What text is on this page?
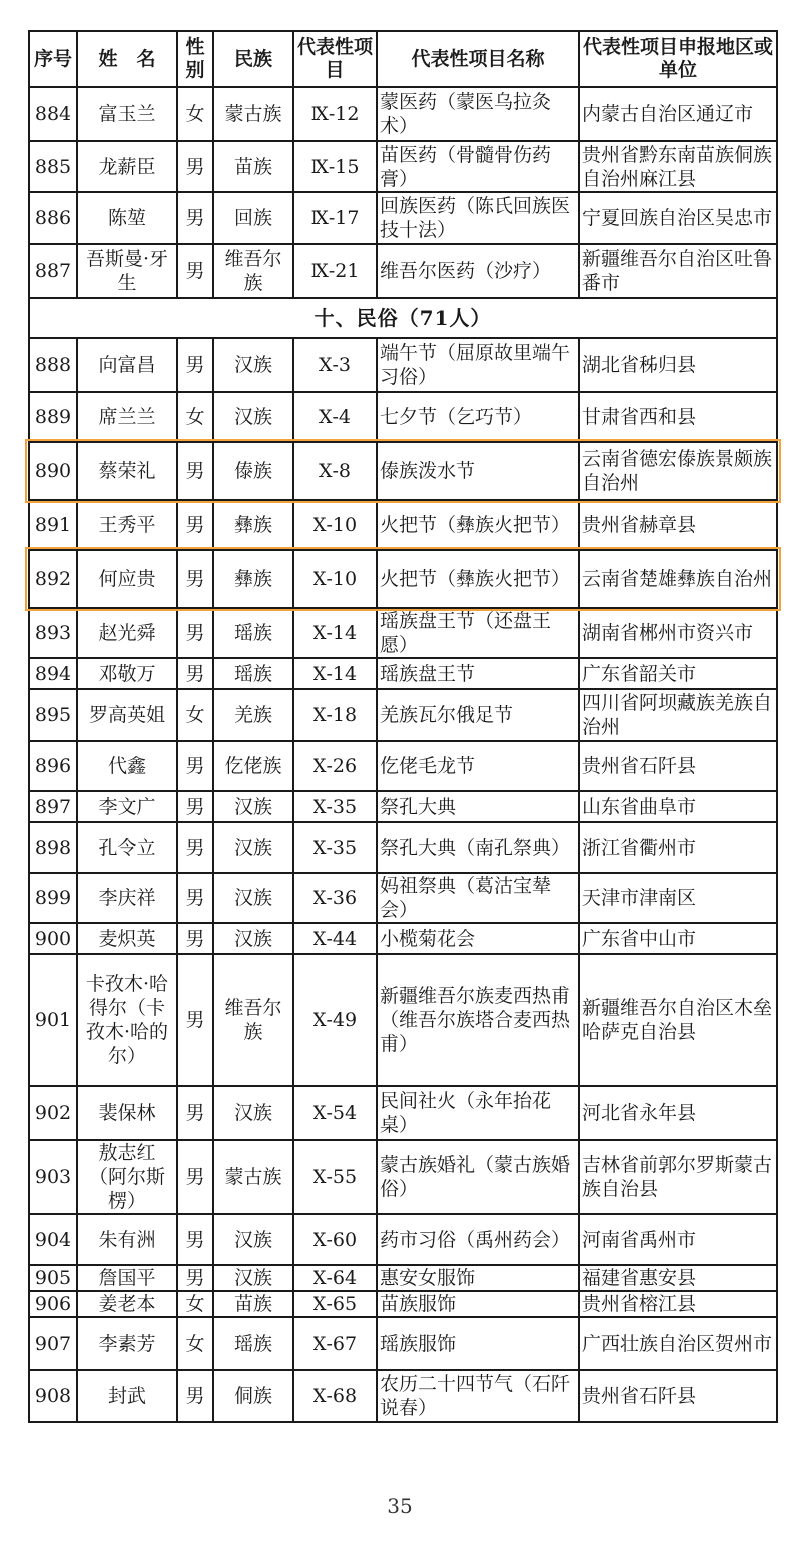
序号	姓　名	性别	民族	代表性项目	代表性项目名称	代表性项目申报地区或单位
884	富玉兰	女	蒙古族	Ⅸ-12	蒙医药（蒙医乌拉灸术）	内蒙古自治区通辽市
885	龙薪臣	男	苗族	Ⅸ-15	苗医药（骨髓骨伤药膏）	贵州省黔东南苗族侗族自治州麻江县
886	陈堃	男	回族	Ⅸ-17	回族医药（陈氏回族医技十法）	宁夏回族自治区吴忠市
887	吾斯曼·牙生	男	维吾尔族	Ⅸ-21	维吾尔医药（沙疗）	新疆维吾尔自治区吐鲁番市
十、民俗（71人）						
888	向富昌	男	汉族	Ⅹ-3	端午节（屈原故里端午习俗）	湖北省秭归县
889	席兰兰	女	汉族	Ⅹ-4	七夕节（乞巧节）	甘肃省西和县
890	蔡荣礼	男	傣族	Ⅹ-8	傣族泼水节	云南省德宏傣族景颇族自治州
891	王秀平	男	彝族	Ⅹ-10	火把节（彝族火把节）	贵州省赫章县
892	何应贵	男	彝族	Ⅹ-10	火把节（彝族火把节）	云南省楚雄彝族自治州
893	赵光舜	男	瑶族	Ⅹ-14	瑶族盘王节（还盘王愿）	湖南省郴州市资兴市
894	邓敬万	男	瑶族	Ⅹ-14	瑶族盘王节	广东省韶关市
895	罗高英姐	女	羌族	Ⅹ-18	羌族瓦尔俄足节	四川省阿坝藏族羌族自治州
896	代鑫	男	仡佬族	Ⅹ-26	仡佬毛龙节	贵州省石阡县
897	李文广	男	汉族	Ⅹ-35	祭孔大典	山东省曲阜市
898	孔令立	男	汉族	Ⅹ-35	祭孔大典（南孔祭典）	浙江省衢州市
899	李庆祥	男	汉族	Ⅹ-36	妈祖祭典（葛沽宝辇会）	天津市津南区
900	麦炽英	男	汉族	Ⅹ-44	小榄菊花会	广东省中山市
901	卡孜木·哈得尔（卡孜木·哈的尔）	男	维吾尔族	Ⅹ-49	新疆维吾尔族麦西热甫（维吾尔族塔合麦西热甫）	新疆维吾尔自治区木垒哈萨克自治县
902	裴保林	男	汉族	Ⅹ-54	民间社火（永年抬花桌）	河北省永年县
903	敖志红（阿尔斯楞）	男	蒙古族	Ⅹ-55	蒙古族婚礼（蒙古族婚俗）	吉林省前郭尔罗斯蒙古族自治县
904	朱有洲	男	汉族	Ⅹ-60	药市习俗（禹州药会）	河南省禹州市
905	詹国平	男	汉族	Ⅹ-64	惠安女服饰	福建省惠安县
906	姜老本	女	苗族	Ⅹ-65	苗族服饰	贵州省榕江县
907	李素芳	女	瑶族	Ⅹ-67	瑶族服饰	广西壮族自治区贺州市
908	封武	男	侗族	Ⅹ-68	农历二十四节气（石阡说春）	贵州省石阡县
35
